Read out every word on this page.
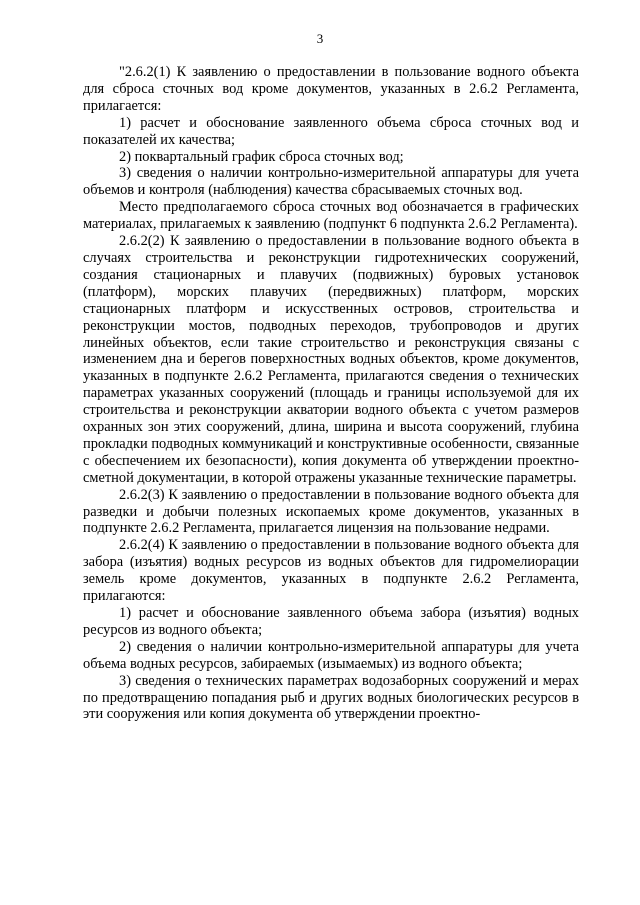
3

"2.6.2(1) К заявлению о предоставлении в пользование водного объекта для сброса сточных вод кроме документов, указанных в 2.6.2 Регламента, прилагается:

1) расчет и обоснование заявленного объема сброса сточных вод и показателей их качества;

2) поквартальный график сброса сточных вод;

3) сведения о наличии контрольно-измерительной аппаратуры для учета объемов и контроля (наблюдения) качества сбрасываемых сточных вод.

Место предполагаемого сброса сточных вод обозначается в графических материалах, прилагаемых к заявлению (подпункт 6 подпункта 2.6.2 Регламента).

2.6.2(2) К заявлению о предоставлении в пользование водного объекта в случаях строительства и реконструкции гидротехнических сооружений, создания стационарных и плавучих (подвижных) буровых установок (платформ), морских плавучих (передвижных) платформ, морских стационарных платформ и искусственных островов, строительства и реконструкции мостов, подводных переходов, трубопроводов и других линейных объектов, если такие строительство и реконструкция связаны с изменением дна и берегов поверхностных водных объектов, кроме документов, указанных в подпункте 2.6.2 Регламента, прилагаются сведения о технических параметрах указанных сооружений (площадь и границы используемой для их строительства и реконструкции акватории водного объекта с учетом размеров охранных зон этих сооружений, длина, ширина и высота сооружений, глубина прокладки подводных коммуникаций и конструктивные особенности, связанные с обеспечением их безопасности), копия документа об утверждении проектно-сметной документации, в которой отражены указанные технические параметры.

2.6.2(3) К заявлению о предоставлении в пользование водного объекта для разведки и добычи полезных ископаемых кроме документов, указанных в подпункте 2.6.2 Регламента, прилагается лицензия на пользование недрами.

2.6.2(4) К заявлению о предоставлении в пользование водного объекта для забора (изъятия) водных ресурсов из водных объектов для гидромелиорации земель кроме документов, указанных в подпункте 2.6.2 Регламента, прилагаются:

1) расчет и обоснование заявленного объема забора (изъятия) водных ресурсов из водного объекта;

2) сведения о наличии контрольно-измерительной аппаратуры для учета объема водных ресурсов, забираемых (изымаемых) из водного объекта;

3) сведения о технических параметрах водозаборных сооружений и мерах по предотвращению попадания рыб и других водных биологических ресурсов в эти сооружения или копия документа об утверждении проектно-
